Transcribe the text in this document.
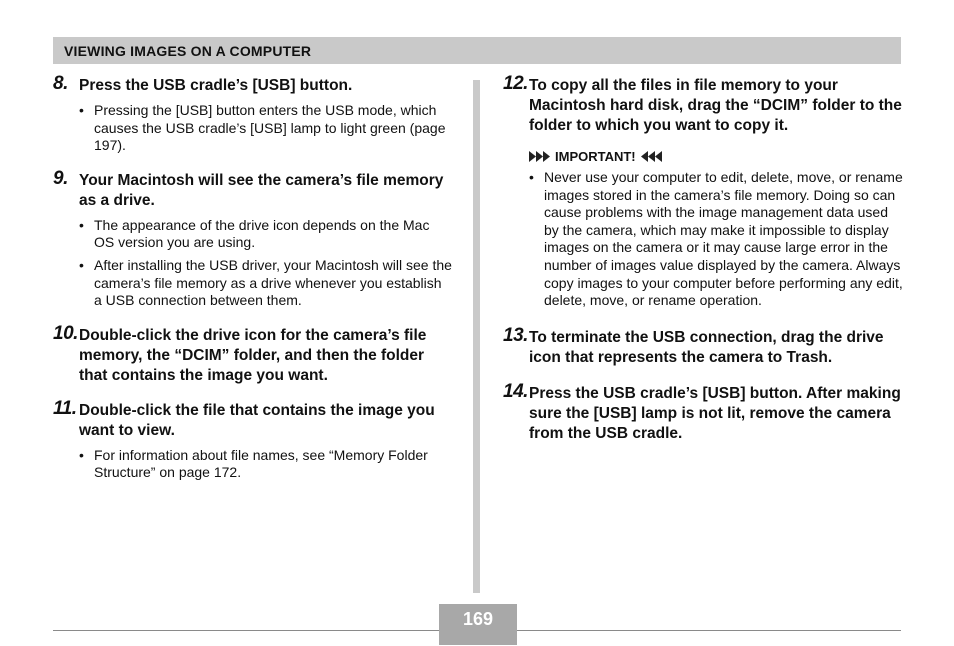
VIEWING IMAGES ON A COMPUTER
8. Press the USB cradle’s [USB] button.
• Pressing the [USB] button enters the USB mode, which causes the USB cradle’s [USB] lamp to light green (page 197).
9. Your Macintosh will see the camera’s file memory as a drive.
• The appearance of the drive icon depends on the Mac OS version you are using.
• After installing the USB driver, your Macintosh will see the camera’s file memory as a drive whenever you establish a USB connection between them.
10. Double-click the drive icon for the camera’s file memory, the “DCIM” folder, and then the folder that contains the image you want.
11. Double-click the file that contains the image you want to view.
• For information about file names, see “Memory Folder Structure” on page 172.
12. To copy all the files in file memory to your Macintosh hard disk, drag the “DCIM” folder to the folder to which you want to copy it.
IMPORTANT!
• Never use your computer to edit, delete, move, or rename images stored in the camera’s file memory. Doing so can cause problems with the image management data used by the camera, which may make it impossible to display images on the camera or it may cause large error in the number of images value displayed by the camera. Always copy images to your computer before performing any edit, delete, move, or rename operation.
13. To terminate the USB connection, drag the drive icon that represents the camera to Trash.
14. Press the USB cradle’s [USB] button. After making sure the [USB] lamp is not lit, remove the camera from the USB cradle.
169
